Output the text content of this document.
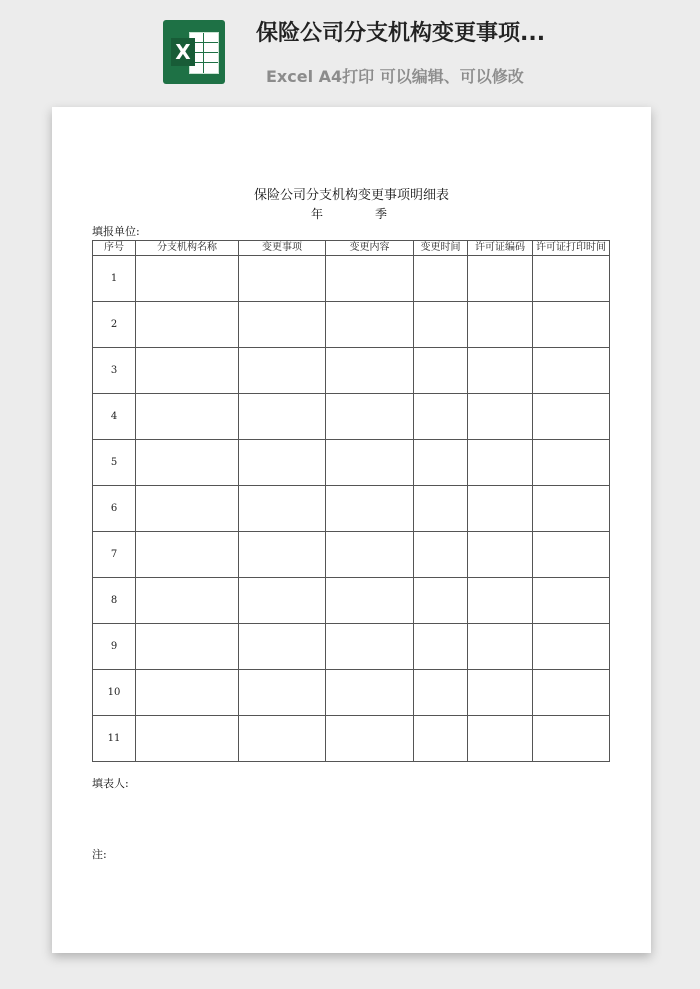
X
保险公司分支机构变更事项...
Excel A4打印 可以编辑、可以修改
保险公司分支机构变更事项明细表
年	季
填报单位:
序号	分支机构名称	变更事项	变更内容	变更时间	许可证编码	许可证打印时间
1						
2						
3						
4						
5						
6						
7						
8						
9						
10						
11						
填表人:
注:
